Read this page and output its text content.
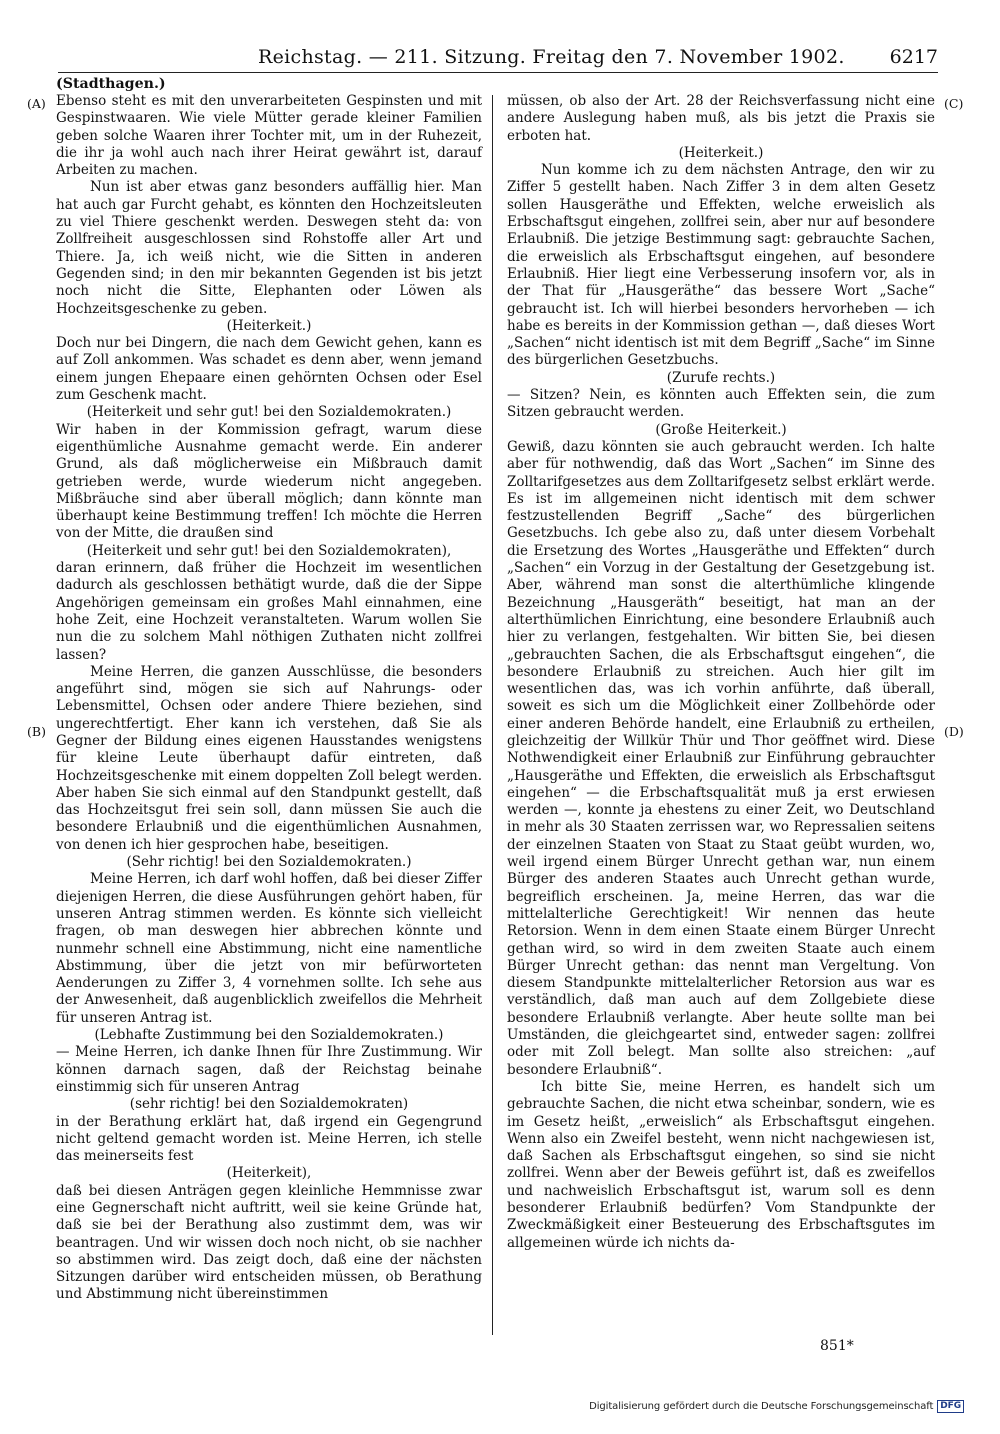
Reichstag. — 211. Sitzung. Freitag den 7. November 1902. 6217
(Stadthagen.)
(A)
(B)
(C)
(D)

Ebenso steht es mit den unverarbeiteten Gespinsten und mit Gespinstwaaren. Wie viele Mütter gerade kleiner Familien geben solche Waaren ihrer Tochter mit, um in der Ruhezeit, die ihr ja wohl auch nach ihrer Heirat gewährt ist, darauf Arbeiten zu machen.

Nun ist aber etwas ganz besonders auffällig hier. Man hat auch gar Furcht gehabt, es könnten den Hochzeitsleuten zu viel Thiere geschenkt werden. Deswegen steht da: von Zollfreiheit ausgeschlossen sind Rohstoffe aller Art und Thiere. Ja, ich weiß nicht, wie die Sitten in anderen Gegenden sind; in den mir bekannten Gegenden ist bis jetzt noch nicht die Sitte, Elephanten oder Löwen als Hochzeitsgeschenke zu geben.

(Heiterkeit.)

Doch nur bei Dingern, die nach dem Gewicht gehen, kann es auf Zoll ankommen. Was schadet es denn aber, wenn jemand einem jungen Ehepaare einen gehörnten Ochsen oder Esel zum Geschenk macht.

(Heiterkeit und sehr gut! bei den Sozialdemokraten.)

Wir haben in der Kommission gefragt, warum diese eigenthümliche Ausnahme gemacht werde. Ein anderer Grund, als daß möglicherweise ein Mißbrauch damit getrieben werde, wurde wiederum nicht angegeben. Mißbräuche sind aber überall möglich; dann könnte man überhaupt keine Bestimmung treffen! Ich möchte die Herren von der Mitte, die draußen sind

(Heiterkeit und sehr gut! bei den Sozialdemokraten),

daran erinnern, daß früher die Hochzeit im wesentlichen dadurch als geschlossen bethätigt wurde, daß die der Sippe Angehörigen gemeinsam ein großes Mahl einnahmen, eine hohe Zeit, eine Hochzeit veranstalteten. Warum wollen Sie nun die zu solchem Mahl nöthigen Zuthaten nicht zollfrei lassen?

Meine Herren, die ganzen Ausschlüsse, die besonders angeführt sind, mögen sie sich auf Nahrungs- oder Lebensmittel, Ochsen oder andere Thiere beziehen, sind ungerechtfertigt. Eher kann ich verstehen, daß Sie als Gegner der Bildung eines eigenen Hausstandes wenigstens für kleine Leute überhaupt dafür eintreten, daß Hochzeitsgeschenke mit einem doppelten Zoll belegt werden. Aber haben Sie sich einmal auf den Standpunkt gestellt, daß das Hochzeitsgut frei sein soll, dann müssen Sie auch die besondere Erlaubniß und die eigenthümlichen Ausnahmen, von denen ich hier gesprochen habe, beseitigen.

(Sehr richtig! bei den Sozialdemokraten.)

Meine Herren, ich darf wohl hoffen, daß bei dieser Ziffer diejenigen Herren, die diese Ausführungen gehört haben, für unseren Antrag stimmen werden. Es könnte sich vielleicht fragen, ob man deswegen hier abbrechen könnte und nunmehr schnell eine Abstimmung, nicht eine namentliche Abstimmung, über die jetzt von mir befürworteten Aenderungen zu Ziffer 3, 4 vornehmen sollte. Ich sehe aus der Anwesenheit, daß augenblicklich zweifellos die Mehrheit für unseren Antrag ist.

(Lebhafte Zustimmung bei den Sozialdemokraten.)

— Meine Herren, ich danke Ihnen für Ihre Zustimmung. Wir können darnach sagen, daß der Reichstag beinahe einstimmig sich für unseren Antrag

(sehr richtig! bei den Sozialdemokraten)

in der Berathung erklärt hat, daß irgend ein Gegengrund nicht geltend gemacht worden ist. Meine Herren, ich stelle das meinerseits fest

(Heiterkeit),

daß bei diesen Anträgen gegen kleinliche Hemmnisse zwar eine Gegnerschaft nicht auftritt, weil sie keine Gründe hat, daß sie bei der Berathung also zustimmt dem, was wir beantragen. Und wir wissen doch noch nicht, ob sie nachher so abstimmen wird. Das zeigt doch, daß eine der nächsten Sitzungen darüber wird entscheiden müssen, ob Berathung und Abstimmung nicht übereinstimmen

müssen, ob also der Art. 28 der Reichsverfassung nicht eine andere Auslegung haben muß, als bis jetzt die Praxis sie erboten hat.

(Heiterkeit.)

Nun komme ich zu dem nächsten Antrage, den wir zu Ziffer 5 gestellt haben. Nach Ziffer 3 in dem alten Gesetz sollen Hausgeräthe und Effekten, welche erweislich als Erbschaftsgut eingehen, zollfrei sein, aber nur auf besondere Erlaubniß. Die jetzige Bestimmung sagt: gebrauchte Sachen, die erweislich als Erbschaftsgut eingehen, auf besondere Erlaubniß. Hier liegt eine Verbesserung insofern vor, als in der That für „Hausgeräthe“ das bessere Wort „Sache“ gebraucht ist. Ich will hierbei besonders hervorheben — ich habe es bereits in der Kommission gethan —, daß dieses Wort „Sachen“ nicht identisch ist mit dem Begriff „Sache“ im Sinne des bürgerlichen Gesetzbuchs.

(Zurufe rechts.)

— Sitzen? Nein, es könnten auch Effekten sein, die zum Sitzen gebraucht werden.

(Große Heiterkeit.)

Gewiß, dazu könnten sie auch gebraucht werden. Ich halte aber für nothwendig, daß das Wort „Sachen“ im Sinne des Zolltarifgesetzes aus dem Zolltarifgesetz selbst erklärt werde. Es ist im allgemeinen nicht identisch mit dem schwer festzustellenden Begriff „Sache“ des bürgerlichen Gesetzbuchs. Ich gebe also zu, daß unter diesem Vorbehalt die Ersetzung des Wortes „Hausgeräthe und Effekten“ durch „Sachen“ ein Vorzug in der Gestaltung der Gesetzgebung ist. Aber, während man sonst die alterthümliche klingende Bezeichnung „Hausgeräth“ beseitigt, hat man an der alterthümlichen Einrichtung, eine besondere Erlaubniß auch hier zu verlangen, festgehalten. Wir bitten Sie, bei diesen „gebrauchten Sachen, die als Erbschaftsgut eingehen“, die besondere Erlaubniß zu streichen. Auch hier gilt im wesentlichen das, was ich vorhin anführte, daß überall, soweit es sich um die Möglichkeit einer Zollbehörde oder einer anderen Behörde handelt, eine Erlaubniß zu ertheilen, gleichzeitig der Willkür Thür und Thor geöffnet wird. Diese Nothwendigkeit einer Erlaubniß zur Einführung gebrauchter „Hausgeräthe und Effekten, die erweislich als Erbschaftsgut eingehen“ — die Erbschaftsqualität muß ja erst erwiesen werden —, konnte ja ehestens zu einer Zeit, wo Deutschland in mehr als 30 Staaten zerrissen war, wo Repressalien seitens der einzelnen Staaten von Staat zu Staat geübt wurden, wo, weil irgend einem Bürger Unrecht gethan war, nun einem Bürger des anderen Staates auch Unrecht gethan wurde, begreiflich erscheinen. Ja, meine Herren, das war die mittelalterliche Gerechtigkeit! Wir nennen das heute Retorsion. Wenn in dem einen Staate einem Bürger Unrecht gethan wird, so wird in dem zweiten Staate auch einem Bürger Unrecht gethan: das nennt man Vergeltung. Von diesem Standpunkte mittelalterlicher Retorsion aus war es verständlich, daß man auch auf dem Zollgebiete diese besondere Erlaubniß verlangte. Aber heute sollte man bei Umständen, die gleichgeartet sind, entweder sagen: zollfrei oder mit Zoll belegt. Man sollte also streichen: „auf besondere Erlaubniß“.

Ich bitte Sie, meine Herren, es handelt sich um gebrauchte Sachen, die nicht etwa scheinbar, sondern, wie es im Gesetz heißt, „erweislich“ als Erbschaftsgut eingehen. Wenn also ein Zweifel besteht, wenn nicht nachgewiesen ist, daß Sachen als Erbschaftsgut eingehen, so sind sie nicht zollfrei. Wenn aber der Beweis geführt ist, daß es zweifellos und nachweislich Erbschaftsgut ist, warum soll es denn besonderer Erlaubniß bedürfen? Vom Standpunkte der Zweckmäßigkeit einer Besteuerung des Erbschaftsgutes im allgemeinen würde ich nichts da-

851*
Digitalisierung gefördert durch die Deutsche Forschungsgemeinschaft DFG
